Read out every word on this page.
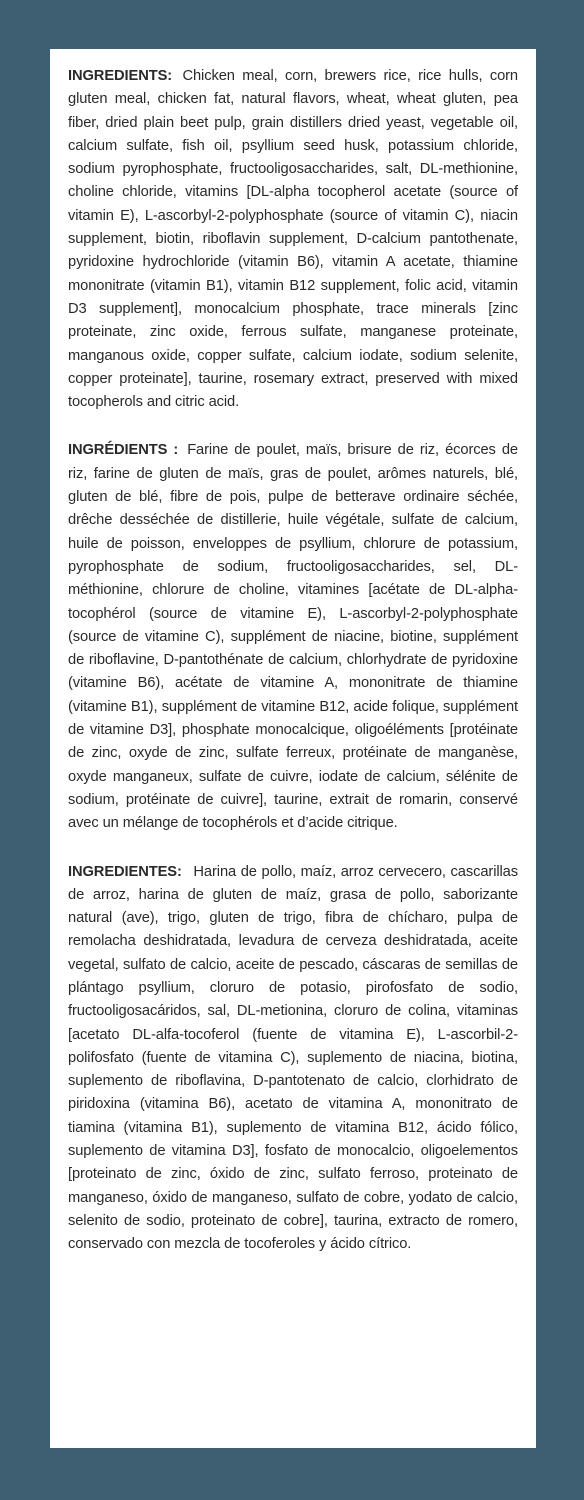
INGREDIENTS: Chicken meal, corn, brewers rice, rice hulls, corn gluten meal, chicken fat, natural flavors, wheat, wheat gluten, pea fiber, dried plain beet pulp, grain distillers dried yeast, vegetable oil, calcium sulfate, fish oil, psyllium seed husk, potassium chloride, sodium pyrophosphate, fructooligosaccharides, salt, DL-methionine, choline chloride, vitamins [DL-alpha tocopherol acetate (source of vitamin E), L-ascorbyl-2-polyphosphate (source of vitamin C), niacin supplement, biotin, riboflavin supplement, D-calcium pantothenate, pyridoxine hydrochloride (vitamin B6), vitamin A acetate, thiamine mononitrate (vitamin B1), vitamin B12 supplement, folic acid, vitamin D3 supplement], monocalcium phosphate, trace minerals [zinc proteinate, zinc oxide, ferrous sulfate, manganese proteinate, manganous oxide, copper sulfate, calcium iodate, sodium selenite, copper proteinate], taurine, rosemary extract, preserved with mixed tocopherols and citric acid.

INGRÉDIENTS : Farine de poulet, maïs, brisure de riz, écorces de riz, farine de gluten de maïs, gras de poulet, arômes naturels, blé, gluten de blé, fibre de pois, pulpe de betterave ordinaire séchée, drêche desséchée de distillerie, huile végétale, sulfate de calcium, huile de poisson, enveloppes de psyllium, chlorure de potassium, pyrophosphate de sodium, fructooligosaccharides, sel, DL-méthionine, chlorure de choline, vitamines [acétate de DL-alpha-tocophérol (source de vitamine E), L-ascorbyl-2-polyphosphate (source de vitamine C), supplément de niacine, biotine, supplément de riboflavine, D-pantothénate de calcium, chlorhydrate de pyridoxine (vitamine B6), acétate de vitamine A, mononitrate de thiamine (vitamine B1), supplément de vitamine B12, acide folique, supplément de vitamine D3], phosphate monocalcique, oligoéléments [protéinate de zinc, oxyde de zinc, sulfate ferreux, protéinate de manganèse, oxyde manganeux, sulfate de cuivre, iodate de calcium, sélénite de sodium, protéinate de cuivre], taurine, extrait de romarin, conservé avec un mélange de tocophérols et d’acide citrique.

INGREDIENTES: Harina de pollo, maíz, arroz cervecero, cascarillas de arroz, harina de gluten de maíz, grasa de pollo, saborizante natural (ave), trigo, gluten de trigo, fibra de chícharo, pulpa de remolacha deshidratada, levadura de cerveza deshidratada, aceite vegetal, sulfato de calcio, aceite de pescado, cáscaras de semillas de plántago psyllium, cloruro de potasio, pirofosfato de sodio, fructooligosacáridos, sal, DL-metionina, cloruro de colina, vitaminas [acetato DL-alfa-tocoferol (fuente de vitamina E), L-ascorbil-2-polifosfato (fuente de vitamina C), suplemento de niacina, biotina, suplemento de riboflavina, D-pantotenato de calcio, clorhidrato de piridoxina (vitamina B6), acetato de vitamina A, mononitrato de tiamina (vitamina B1), suplemento de vitamina B12, ácido fólico, suplemento de vitamina D3], fosfato de monocalcio, oligoelementos [proteinato de zinc, óxido de zinc, sulfato ferroso, proteinato de manganeso, óxido de manganeso, sulfato de cobre, yodato de calcio, selenito de sodio, proteinato de cobre], taurina, extracto de romero, conservado con mezcla de tocoferoles y ácido cítrico.
